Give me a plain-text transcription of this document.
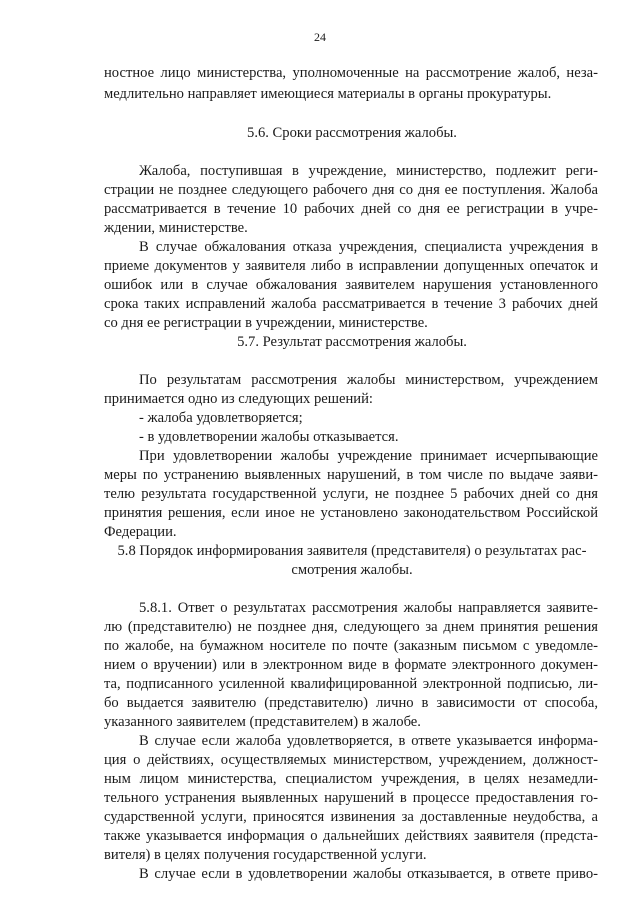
24
ностное лицо министерства, уполномоченные на рассмотрение жалоб, неза-
медлительно направляет имеющиеся материалы в органы прокуратуры.
5.6. Сроки рассмотрения жалобы.
Жалоба, поступившая в учреждение, министерство, подлежит реги-
страции не позднее следующего рабочего дня со дня ее поступления. Жалоба
рассматривается в течение 10 рабочих дней со дня ее регистрации в учре-
ждении, министерстве.
В случае обжалования отказа учреждения, специалиста учреждения в
приеме документов у заявителя либо в исправлении допущенных опечаток и
ошибок или в случае обжалования заявителем нарушения установленного
срока таких исправлений жалоба рассматривается в течение 3 рабочих дней
со дня ее регистрации в учреждении, министерстве.
5.7. Результат рассмотрения жалобы.
По результатам рассмотрения жалобы министерством, учреждением
принимается одно из следующих решений:
- жалоба удовлетворяется;
- в удовлетворении жалобы отказывается.
При удовлетворении жалобы учреждение принимает исчерпывающие
меры по устранению выявленных нарушений, в том числе по выдаче заяви-
телю результата государственной услуги, не позднее 5 рабочих дней со дня
принятия решения, если иное не установлено законодательством Российской
Федерации.
5.8 Порядок информирования заявителя (представителя) о результатах рас-
смотрения жалобы.
5.8.1. Ответ о результатах рассмотрения жалобы направляется заявите-
лю (представителю) не позднее дня, следующего за днем принятия решения
по жалобе, на бумажном носителе по почте (заказным письмом с уведомле-
нием о вручении) или в электронном виде в формате электронного докумен-
та, подписанного усиленной квалифицированной электронной подписью, ли-
бо выдается заявителю (представителю) лично в зависимости от способа,
указанного заявителем (представителем) в жалобе.
В случае если жалоба удовлетворяется, в ответе указывается информа-
ция о действиях, осуществляемых министерством, учреждением, должност-
ным лицом министерства, специалистом учреждения, в целях незамедли-
тельного устранения выявленных нарушений в процессе предоставления го-
сударственной услуги, приносятся извинения за доставленные неудобства, а
также указывается информация о дальнейших действиях заявителя (предста-
вителя) в целях получения государственной услуги.
В случае если в удовлетворении жалобы отказывается, в ответе приво-
